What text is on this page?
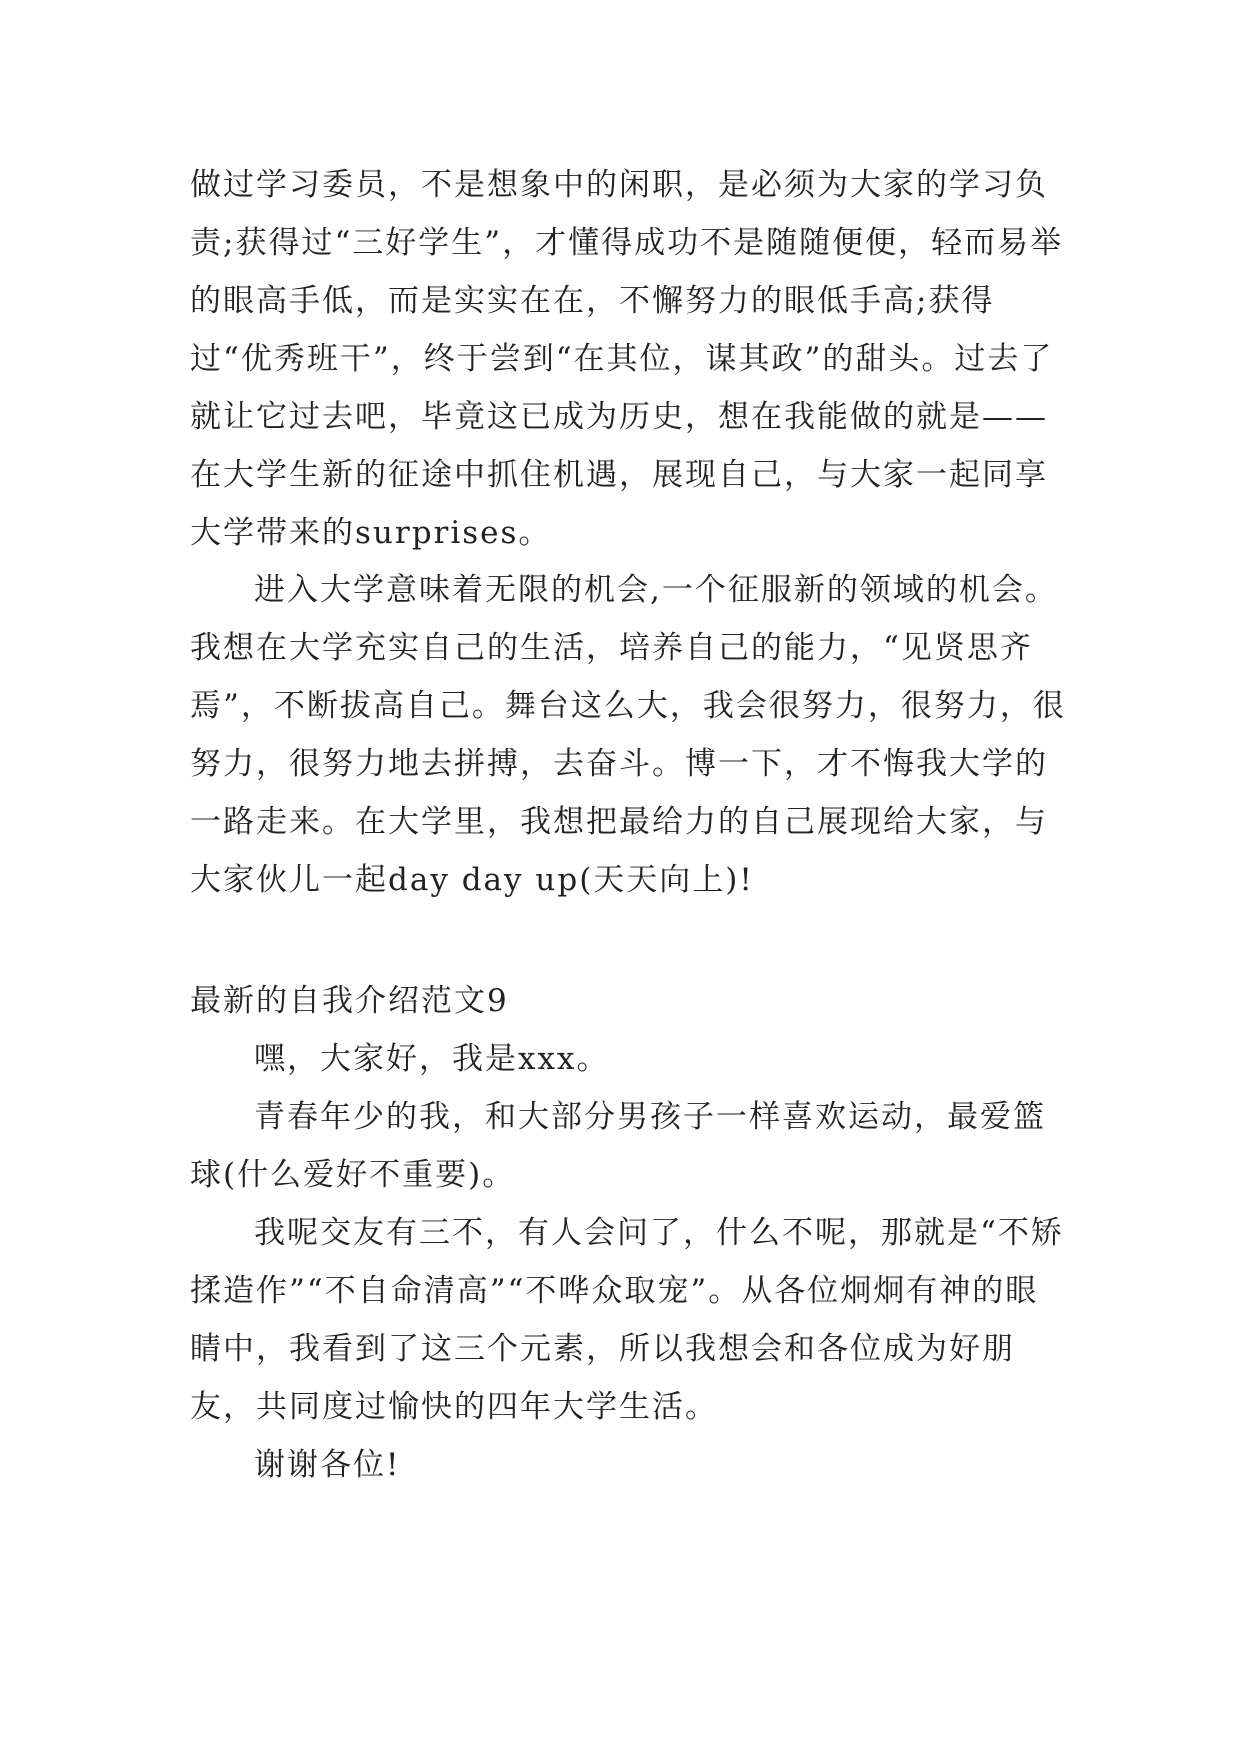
做过学习委员，不是想象中的闲职，是必须为大家的学习负责;获得过“三好学生”，才懂得成功不是随随便便，轻而易举的眼高手低，而是实实在在，不懈努力的眼低手高;获得过“优秀班干”，终于尝到“在其位，谋其政”的甜头。过去了就让它过去吧，毕竟这已成为历史，想在我能做的就是——在大学生新的征途中抓住机遇，展现自己，与大家一起同享大学带来的surprises。

进入大学意味着无限的机会,一个征服新的领域的机会。我想在大学充实自己的生活，培养自己的能力，“见贤思齐焉”，不断拔高自己。舞台这么大，我会很努力，很努力，很努力，很努力地去拼搏，去奋斗。博一下，才不悔我大学的一路走来。在大学里，我想把最给力的自己展现给大家，与大家伙儿一起day day up(天天向上)!

最新的自我介绍范文9

嘿，大家好，我是xxx。

青春年少的我，和大部分男孩子一样喜欢运动，最爱篮球(什么爱好不重要)。

我呢交友有三不，有人会问了，什么不呢，那就是“不矫揉造作”“不自命清高”“不哗众取宠”。从各位炯炯有神的眼睛中，我看到了这三个元素，所以我想会和各位成为好朋友，共同度过愉快的四年大学生活。

谢谢各位!
